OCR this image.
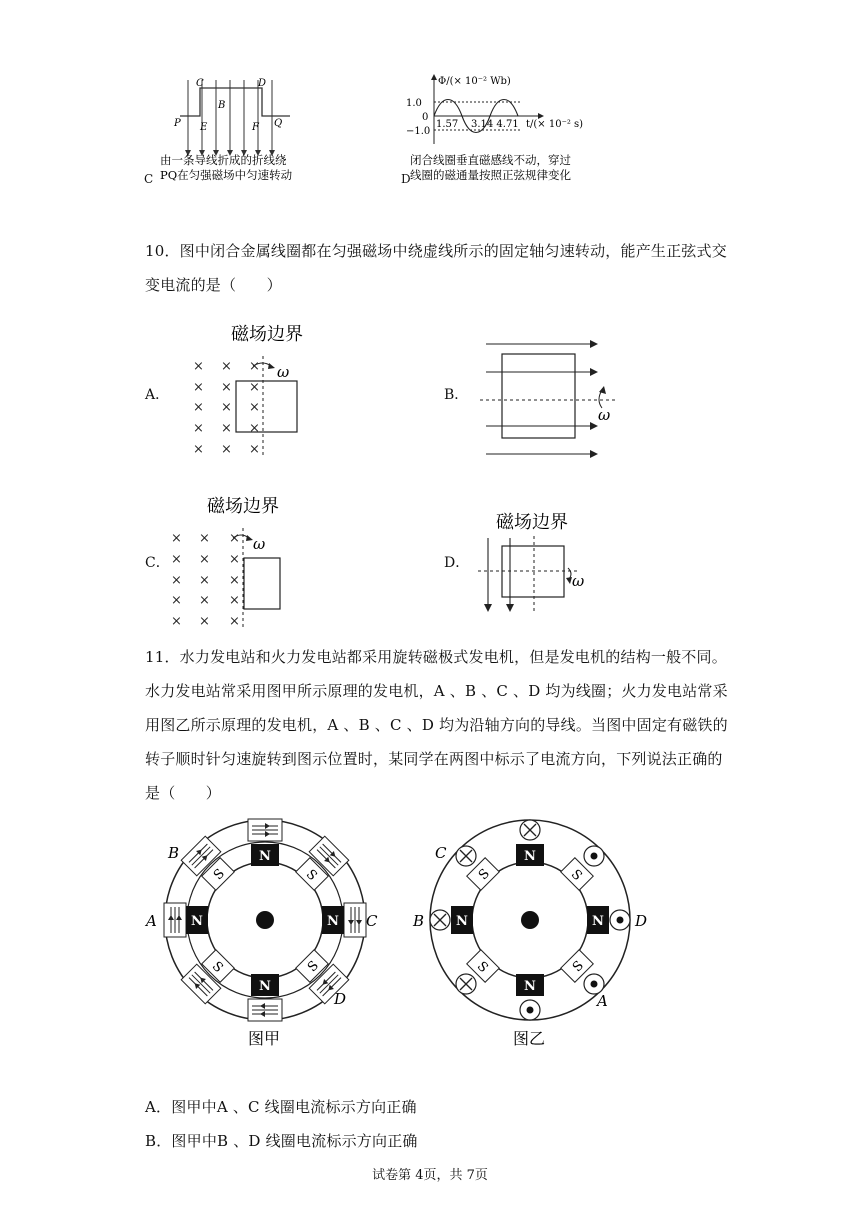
C	D
B
E	F
P	Q
由一条导线折成的折线绕
PQ在匀强磁场中匀速转动
C
Φ/(× 10⁻² Wb)
1.0
0
−1.0
1.57    3.14 4.71 t/(× 10⁻² s)
闭合线圈垂直磁感线不动，穿过
线圈的磁通量按照正弦规律变化
D
10．图中闭合金属线圈都在匀强磁场中绕虚线所示的固定轴匀速转动，能产生正弦式交
变电流的是（　　）
A．
磁场边界
× × ×
× × ×
× × ×
× × ×
× × ×
ω
B．
ω
C．
磁场边界
× × ×
× × ×
× × ×
× × ×
× × ×
ω
D．
磁场边界
ω
11．水力发电站和火力发电站都采用旋转磁极式发电机，但是发电机的结构一般不同。
水力发电站常采用图甲所示原理的发电机，A 、B 、C 、D 均为线圈；火力发电站常采
用图乙所示原理的发电机，A 、B 、C 、D 均为沿轴方向的导线。当图中固定有磁铁的
转子顺时针匀速旋转到图示位置时，某同学在两图中标示了电流方向，下列说法正确的
是（　　）
N
N
N	N
S	S
S	S
B
A	C
D
图甲
N
N
N	N
S	S
S	S
C
B	D
A
图乙
A．图甲中A 、C 线圈电流标示方向正确
B．图甲中B 、D 线圈电流标示方向正确
试卷第 4页，共 7页
